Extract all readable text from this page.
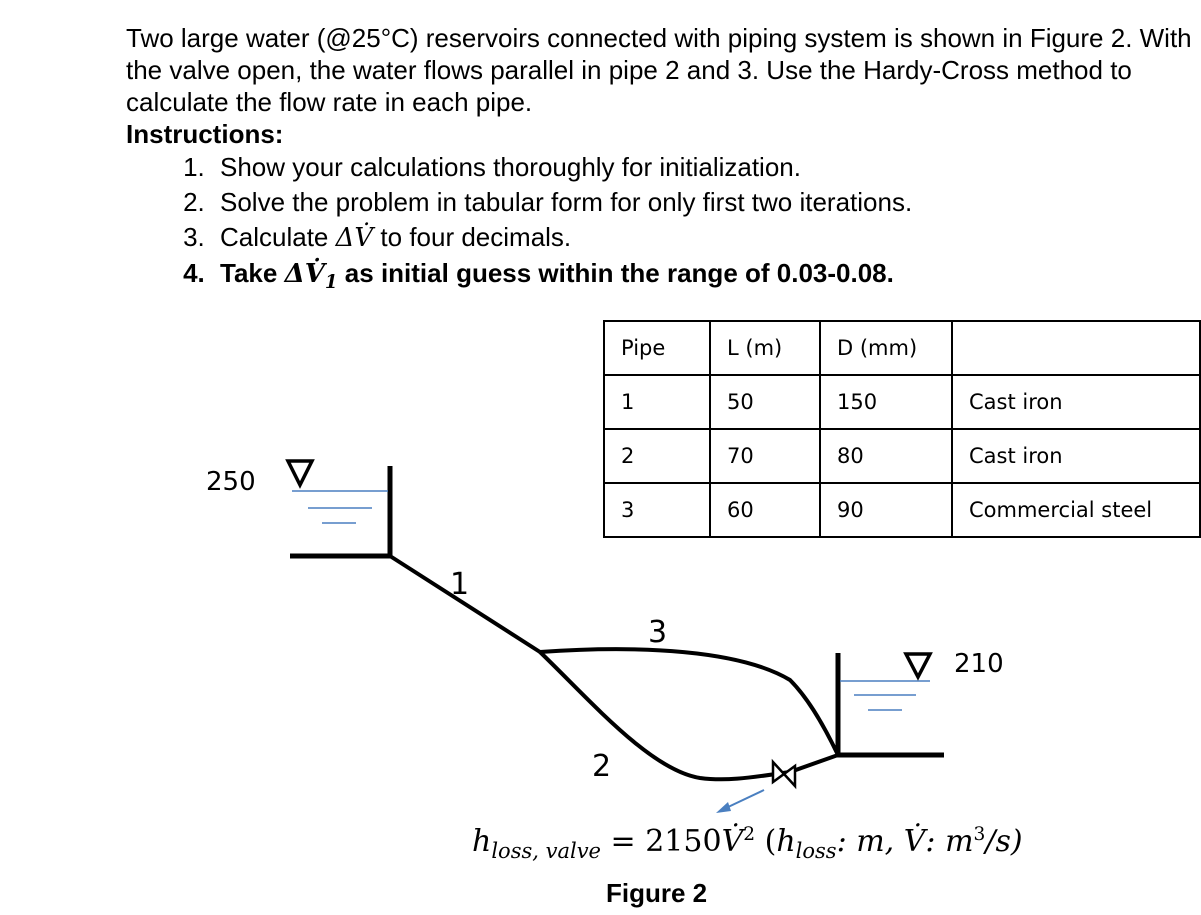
Two large water (@25°C) reservoirs connected with piping system is shown in Figure 2. With the valve open, the water flows parallel in pipe 2 and 3. Use the Hardy-Cross method to calculate the flow rate in each pipe.

Instructions:

1. Show your calculations thoroughly for initialization.
2. Solve the problem in tabular form for only first two iterations.
3. Calculate ΔV̇ to four decimals.
4. Take $\Delta V̇_1$ as initial guess within the range of 0.03-0.08.
Pipe	L (m)	D (mm)	
1	50	150	Cast iron
2	70	80	Cast iron
3	60	90	Commercial steel
250
1
3
2
210
$h_{loss, valve}$ = 2150V̇$^2$ ($h_{loss}$: m, V̇: $m^3/s$)
Figure 2
